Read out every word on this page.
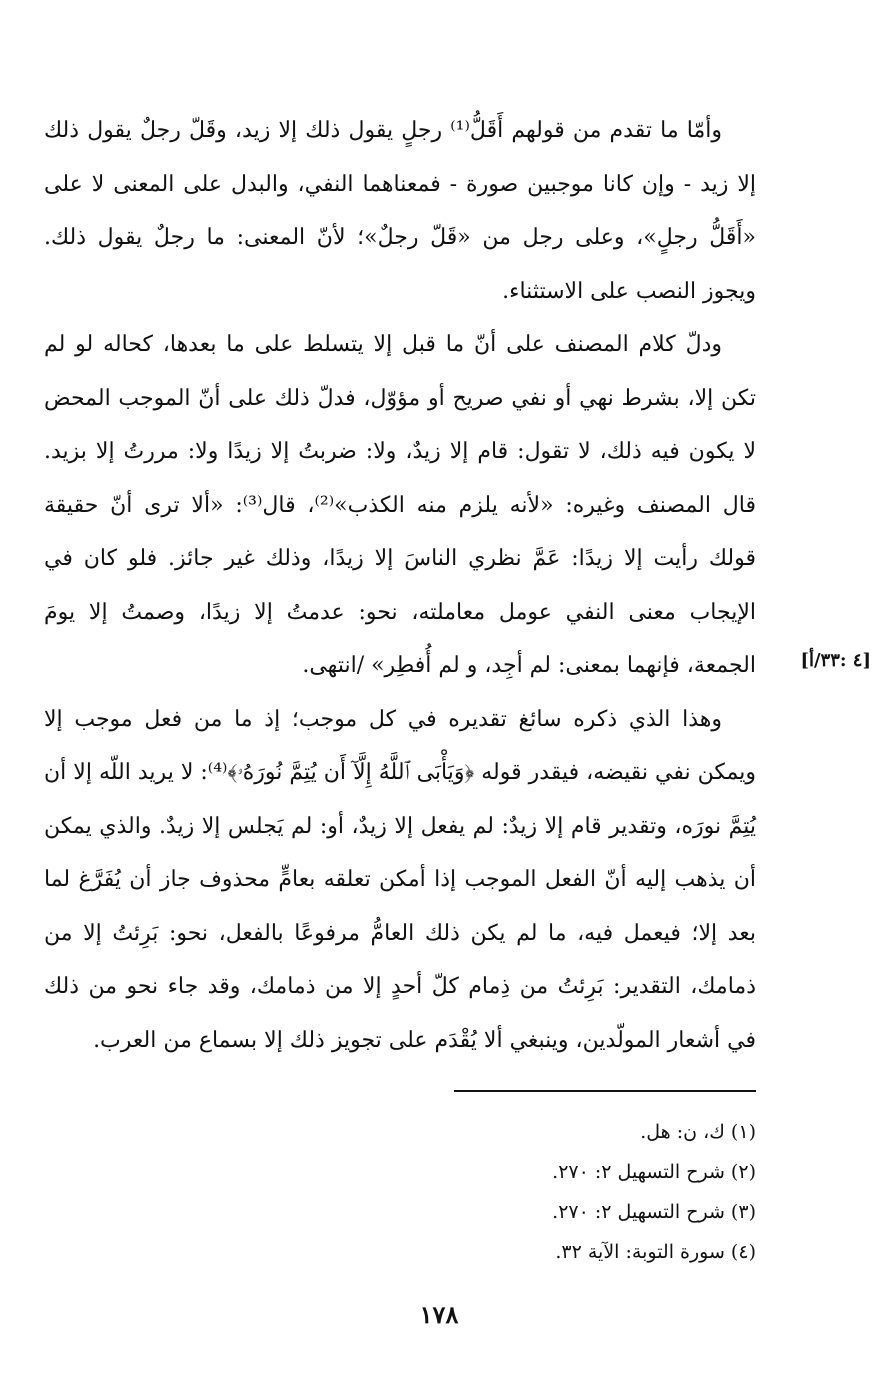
وأمّا ما تقدم من قولهم أَقَلُّ⁽¹⁾ رجلٍ يقول ذلك إلا زيد، وقَلّ رجلٌ يقول ذلك إلا زيد - وإن كانا موجبين صورة - فمعناهما النفي، والبدل على المعنى لا على «أَقَلُّ رجلٍ»، وعلى رجل من «قَلّ رجلٌ»؛ لأنّ المعنى: ما رجلٌ يقول ذلك. ويجوز النصب على الاستثناء.

ودلّ كلام المصنف على أنّ ما قبل إلا يتسلط على ما بعدها، كحاله لو لم تكن إلا، بشرط نهي أو نفي صريح أو مؤوّل، فدلّ ذلك على أنّ الموجب المحض لا يكون فيه ذلك، لا تقول: قام إلا زيدٌ، ولا: ضربتُ إلا زيدًا ولا: مررتُ إلا بزيد. قال المصنف وغيره: «لأنه يلزم منه الكذب»⁽²⁾، قال⁽³⁾: «ألا ترى أنّ حقيقة قولك رأيت إلا زيدًا: عَمَّ نظري الناسَ إلا زيدًا، وذلك غير جائز. فلو كان في الإيجاب معنى النفي عومل معاملته، نحو: عدمتُ إلا زيدًا، وصمتُ إلا يومَ الجمعة، فإنهما بمعنى: لم أجِد، و لم أُفطِر» /انتهى.

وهذا الذي ذكره سائغ تقديره في كل موجب؛ إذ ما من فعل موجب إلا ويمكن نفي نقيضه، فيقدر قوله ﴿وَيَأْبَى ٱللَّهُ إِلَّآ أَن يُتِمَّ نُورَهُۥ﴾⁽⁴⁾: لا يريد اللّه إلا أن يُتِمَّ نورَه، وتقدير قام إلا زيدٌ: لم يفعل إلا زيدٌ، أو: لم يَجلس إلا زيدٌ. والذي يمكن أن يذهب إليه أنّ الفعل الموجب إذا أمكن تعلقه بعامٍّ محذوف جاز أن يُفَرَّغ لما بعد إلا؛ فيعمل فيه، ما لم يكن ذلك العامُّ مرفوعًا بالفعل، نحو: بَرِئتُ إلا من ذمامك، التقدير: بَرِئتُ من ذِمام كلّ أحدٍ إلا من ذمامك، وقد جاء نحو من ذلك في أشعار المولّدين، وينبغي ألا يُقْدَم على تجويز ذلك إلا بسماع من العرب.

[٤ :٣٣/أ]

(١) ك، ن: هل.

(٢) شرح التسهيل ٢: ٢٧٠.

(٣) شرح التسهيل ٢: ٢٧٠.

(٤) سورة التوبة: الآية ٣٢.

١٧٨
